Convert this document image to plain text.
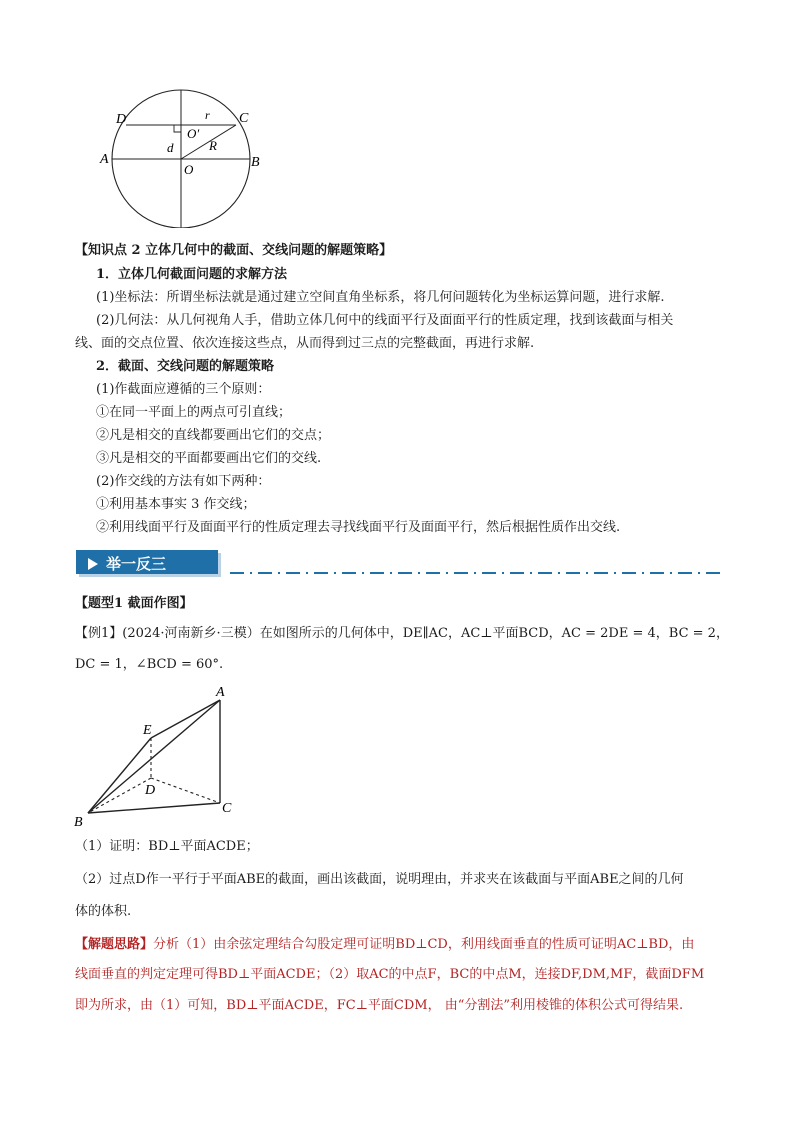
D	C
r
O′
d	R
A	B
O
【知识点 2 立体几何中的截面、交线问题的解题策略】
1．立体几何截面问题的求解方法
(1)坐标法：所谓坐标法就是通过建立空间直角坐标系，将几何问题转化为坐标运算问题，进行求解.
(2)几何法：从几何视角人手，借助立体几何中的线面平行及面面平行的性质定理，找到该截面与相关
线、面的交点位置、依次连接这些点，从而得到过三点的完整截面，再进行求解.
2．截面、交线问题的解题策略
(1)作截面应遵循的三个原则：
①在同一平面上的两点可引直线；
②凡是相交的直线都要画出它们的交点；
③凡是相交的平面都要画出它们的交线.
(2)作交线的方法有如下两种：
①利用基本事实 3 作交线；
②利用线面平行及面面平行的性质定理去寻找线面平行及面面平行，然后根据性质作出交线.
举一反三
【题型1 截面作图】
【例1】(2024·河南新乡·三模）在如图所示的几何体中，DE∥AC，AC⊥平面BCD，AC = 2DE = 4，BC = 2，
DC = 1，∠BCD = 60°.
A
E
D
B
C
（1）证明：BD⊥平面ACDE；
（2）过点D作一平行于平面ABE的截面，画出该截面，说明理由，并求夹在该截面与平面ABE之间的几何
体的体积.
【解题思路】分析（1）由余弦定理结合勾股定理可证明BD⊥CD，利用线面垂直的性质可证明AC⊥BD，由
线面垂直的判定定理可得BD⊥平面ACDE；（2）取AC的中点F，BC的中点M，连接DF,DM,MF，截面DFM
即为所求，由（1）可知，BD⊥平面ACDE，FC⊥平面CDM， 由“分割法”利用棱锥的体积公式可得结果.
